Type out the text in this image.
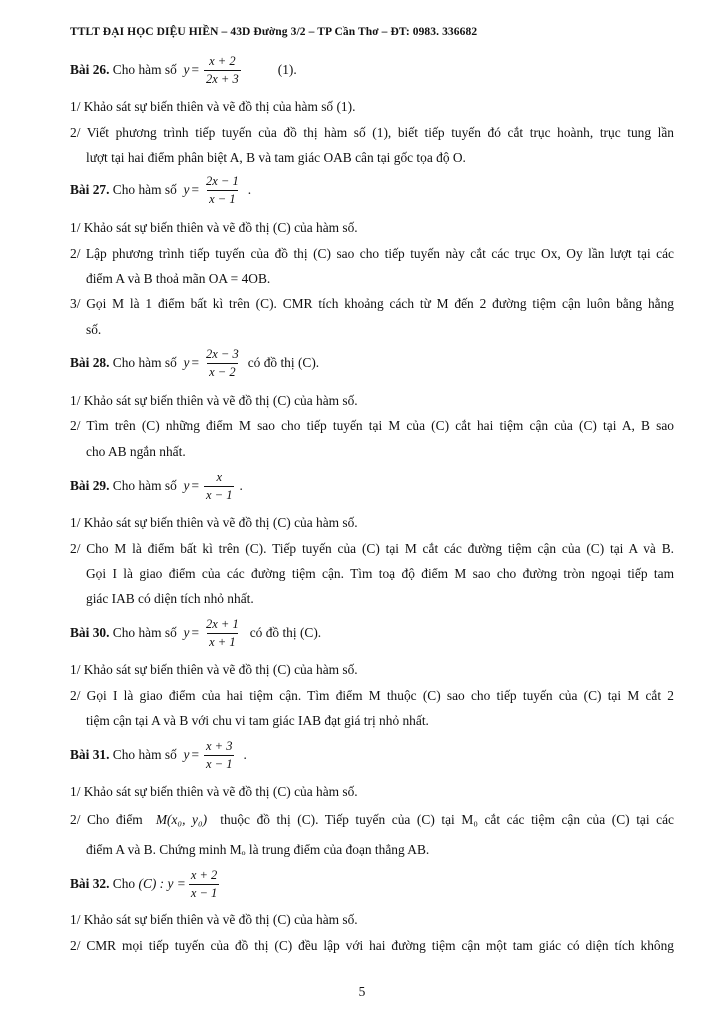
TTLT ĐẠI HỌC DIỆU HIỀN – 43D Đường 3/2 – TP Cần Thơ – ĐT: 0983. 336682
Bài 26.
Cho hàm số
$y = \frac{x + 2}{2x + 3}$	(1).
1/ Khảo sát sự biến thiên và vẽ đồ thị của hàm số (1).
2/ Viết phương trình tiếp tuyến của đồ thị hàm số (1), biết tiếp tuyến đó cắt trục hoành, trục tung lần
lượt tại hai điểm phân biệt A, B và tam giác OAB cân tại gốc tọa độ O.
Bài 27.
Cho hàm số
$y = \frac{2x - 1}{x - 1}$ .
1/ Khảo sát sự biến thiên và vẽ đồ thị (C) của hàm số.
2/ Lập phương trình tiếp tuyến của đồ thị (C) sao cho tiếp tuyến này cắt các trục Ox, Oy lần lượt tại các
điểm A và B thoả mãn OA = 4OB.
3/ Gọi M là 1 điểm bất kì trên (C). CMR tích khoảng cách từ M đến 2 đường tiệm cận luôn bằng hằng
số.
Bài 28.
Cho hàm số
$y = \frac{2x - 3}{x - 2}$ có đồ thị (C).
1/ Khảo sát sự biến thiên và vẽ đồ thị (C) của hàm số.
2/ Tìm trên (C) những điểm M sao cho tiếp tuyến tại M của (C) cắt hai tiệm cận của (C) tại A, B sao
cho AB ngắn nhất.
Bài 29.
Cho hàm số
$y = \frac{x}{x - 1}$ .
1/ Khảo sát sự biến thiên và vẽ đồ thị (C) của hàm số.
2/ Cho M là điểm bất kì trên (C). Tiếp tuyến của (C) tại M cắt các đường tiệm cận của (C) tại A và B.
Gọi I là giao điểm của các đường tiệm cận. Tìm toạ độ điểm M sao cho đường tròn ngoại tiếp tam
giác IAB có diện tích nhỏ nhất.
Bài 30.
Cho hàm số
$y = \frac{2x + 1}{x + 1}$ có đồ thị (C).
1/ Khảo sát sự biến thiên và vẽ đồ thị (C) của hàm số.
2/ Gọi I là giao điểm của hai tiệm cận. Tìm điểm M thuộc (C) sao cho tiếp tuyến của (C) tại M cắt 2
tiệm cận tại A và B với chu vi tam giác IAB đạt giá trị nhỏ nhất.
Bài 31.
Cho hàm số
$y = \frac{x + 3}{x - 1}$ .
1/ Khảo sát sự biến thiên và vẽ đồ thị (C) của hàm số.
2/ Cho điểm M(x₀, y₀) thuộc đồ thị (C). Tiếp tuyến của (C) tại M₀ cắt các tiệm cận của (C) tại các
điểm A và B. Chứng minh Mₒ là trung điểm của đoạn thẳng AB.
Bài 32.
Cho
(C) : $y = \frac{x + 2}{x - 1}$
1/ Khảo sát sự biến thiên và vẽ đồ thị (C) của hàm số.
2/ CMR mọi tiếp tuyến của đồ thị (C) đều lập với hai đường tiệm cận một tam giác có diện tích không
5
